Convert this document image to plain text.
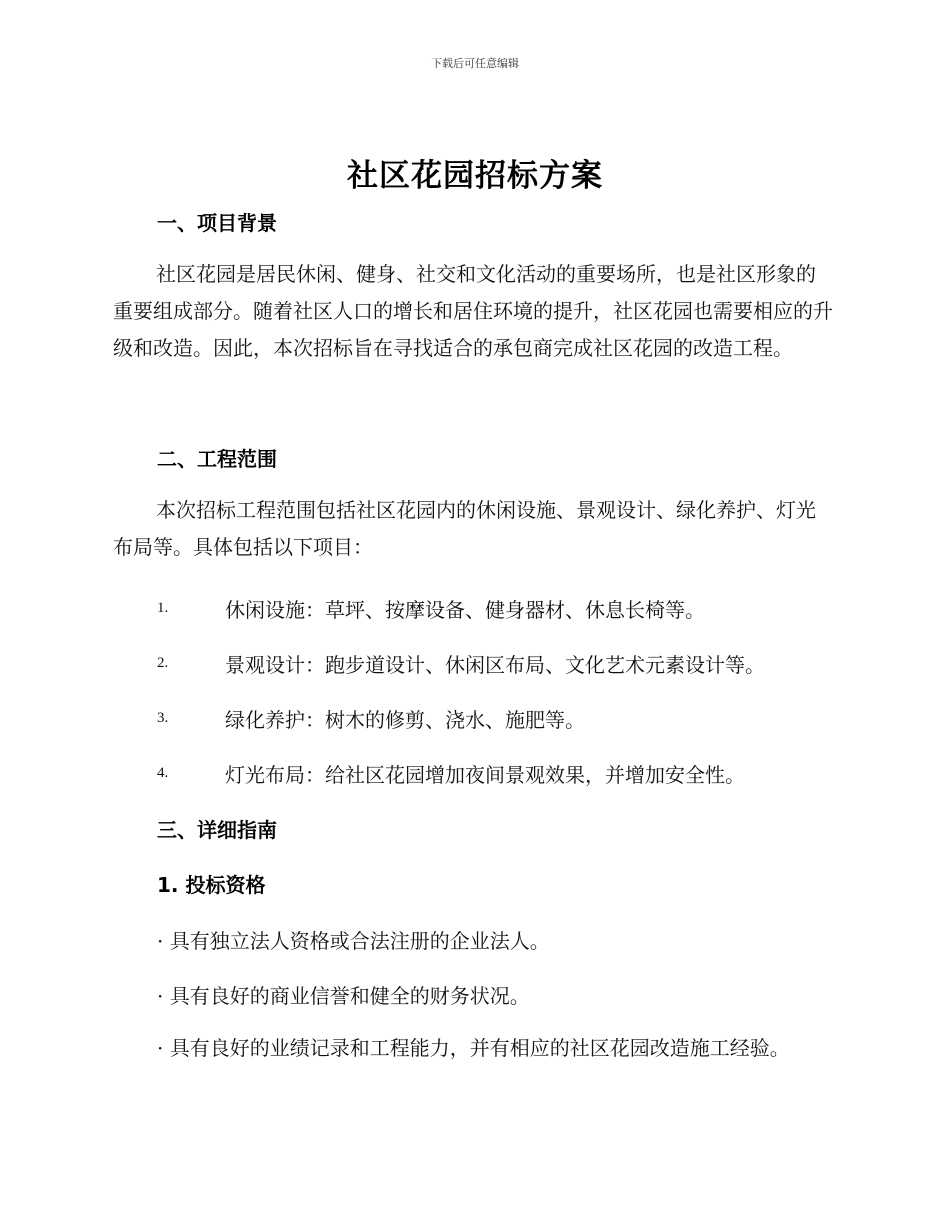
下载后可任意编辑
社区花园招标方案
一、项目背景

社区花园是居民休闲、健身、社交和文化活动的重要场所，也是社区形象的重要组成部分。随着社区人口的增长和居住环境的提升，社区花园也需要相应的升级和改造。因此，本次招标旨在寻找适合的承包商完成社区花园的改造工程。

二、工程范围

本次招标工程范围包括社区花园内的休闲设施、景观设计、绿化养护、灯光布局等。具体包括以下项目：

1.	休闲设施：草坪、按摩设备、健身器材、休息长椅等。
2.	景观设计：跑步道设计、休闲区布局、文化艺术元素设计等。
3.	绿化养护：树木的修剪、浇水、施肥等。
4.	灯光布局：给社区花园增加夜间景观效果，并增加安全性。
三、详细指南
1. 投标资格

· 具有独立法人资格或合法注册的企业法人。

· 具有良好的商业信誉和健全的财务状况。

· 具有良好的业绩记录和工程能力，并有相应的社区花园改造施工经验。
